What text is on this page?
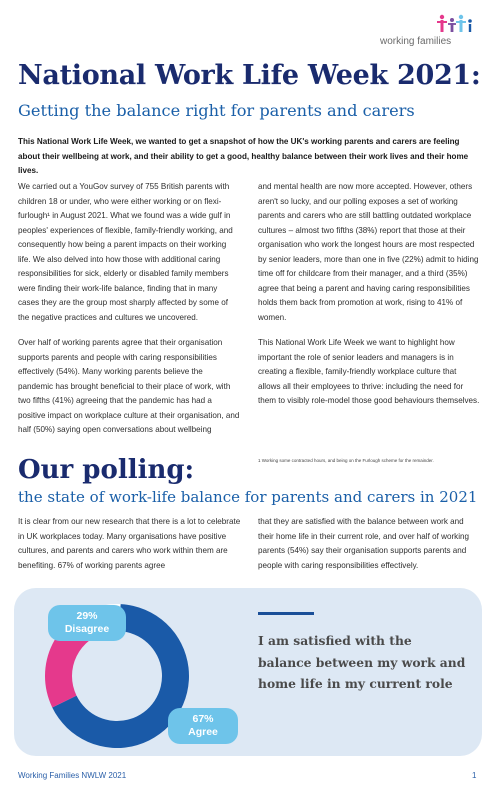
working families
National Work Life Week 2021:
Getting the balance right for parents and carers
This National Work Life Week, we wanted to get a snapshot of how the UK's working parents and carers are feeling about their wellbeing at work, and their ability to get a good, healthy balance between their work lives and their home lives.

We carried out a YouGov survey of 755 British parents with children 18 or under, who were either working or on flexi-furlough¹ in August 2021. What we found was a wide gulf in peoples' experiences of flexible, family-friendly working, and consequently how being a parent impacts on their working life. We also delved into how those with additional caring responsibilities for sick, elderly or disabled family members were finding their work-life balance, finding that in many cases they are the group most sharply affected by some of the negative practices and cultures we uncovered.

Over half of working parents agree that their organisation supports parents and people with caring responsibilities effectively (54%). Many working parents believe the pandemic has brought beneficial to their place of work, with two fifths (41%) agreeing that the pandemic has had a positive impact on workplace culture at their organisation, and half (50%) saying open conversations about wellbeing

and mental health are now more accepted. However, others aren't so lucky, and our polling exposes a set of working parents and carers who are still battling outdated workplace cultures – almost two fifths (38%) report that those at their organisation who work the longest hours are most respected by senior leaders, more than one in five (22%) admit to hiding time off for childcare from their manager, and a third (35%) agree that being a parent and having caring responsibilities holds them back from promotion at work, rising to 41% of women.

This National Work Life Week we want to highlight how important the role of senior leaders and managers is in creating a flexible, family-friendly workplace culture that allows all their employees to thrive: including the need for them to visibly role-model those good behaviours themselves.

1 Working some contracted hours, and being on the Furlough scheme for the remainder.
Our polling:
the state of work-life balance for parents and carers in 2021
It is clear from our new research that there is a lot to celebrate in UK workplaces today. Many organisations have positive cultures, and parents and carers who work within them are benefiting. 67% of working parents agree
that they are satisfied with the balance between work and their home life in their current role, and over half of working parents (54%) say their organisation supports parents and people with caring responsibilities effectively.
29%
Disagree
67%
Agree
I am satisfied with the balance between my work and home life in my current role
Working Families NWLW 2021	1
